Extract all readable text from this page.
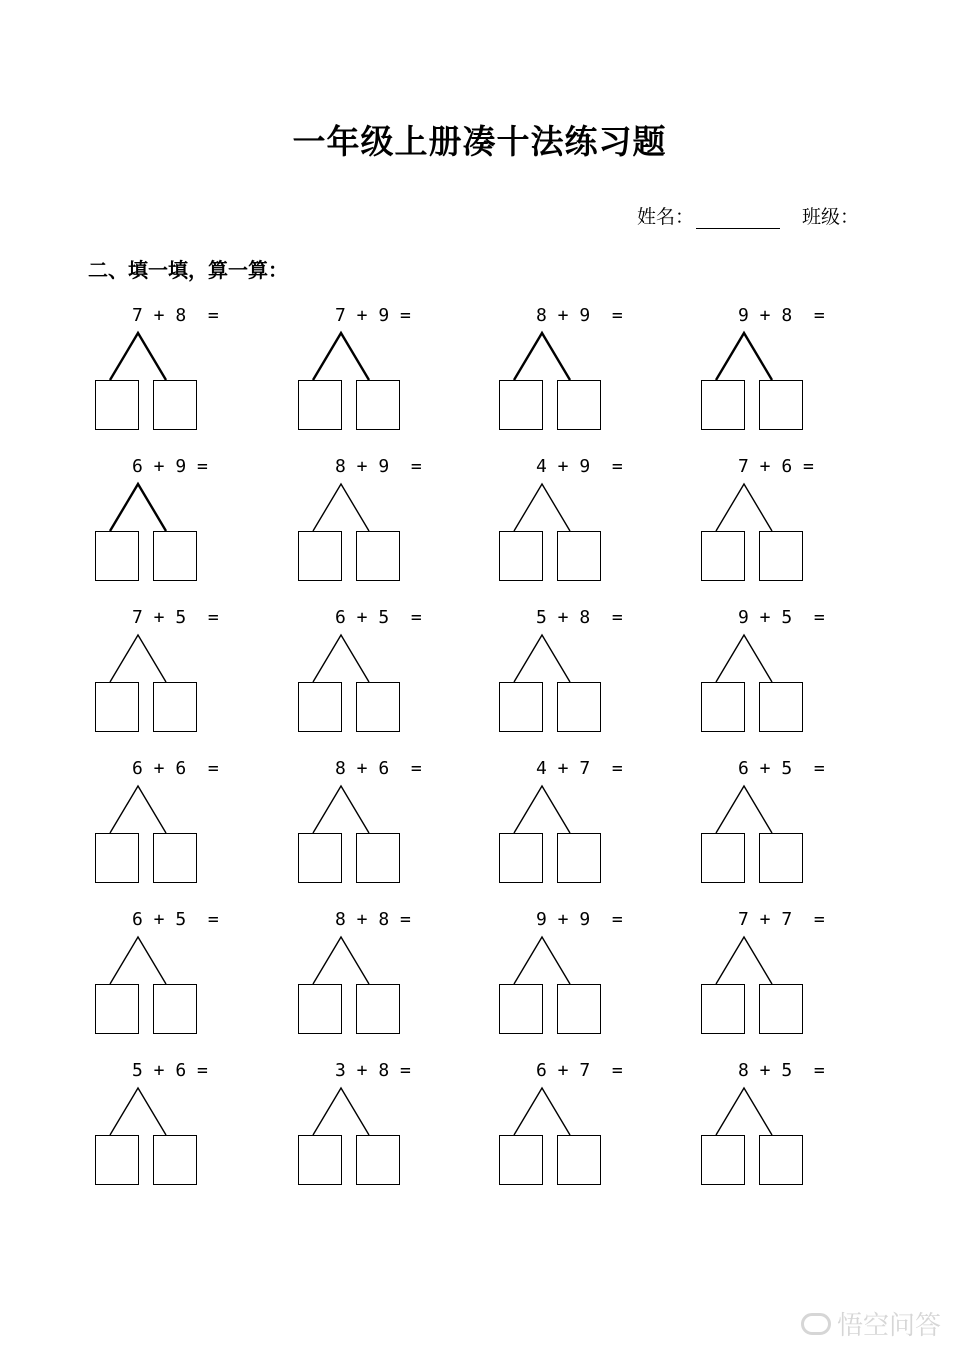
一年级上册凑十法练习题
姓名：	班级：
二、填一填，算一算：
7 + 8  =	7 + 9 =	8 + 9  =	9 + 8  =
6 + 9 =	8 + 9  =	4 + 9  =	7 + 6 =
7 + 5  =	6 + 5  =	5 + 8  =	9 + 5  =
6 + 6  =	8 + 6  =	4 + 7  =	6 + 5  =
6 + 5  =	8 + 8 =	9 + 9  =	7 + 7  =
5 + 6 =	3 + 8 =	6 + 7  =	8 + 5  =
悟空问答
